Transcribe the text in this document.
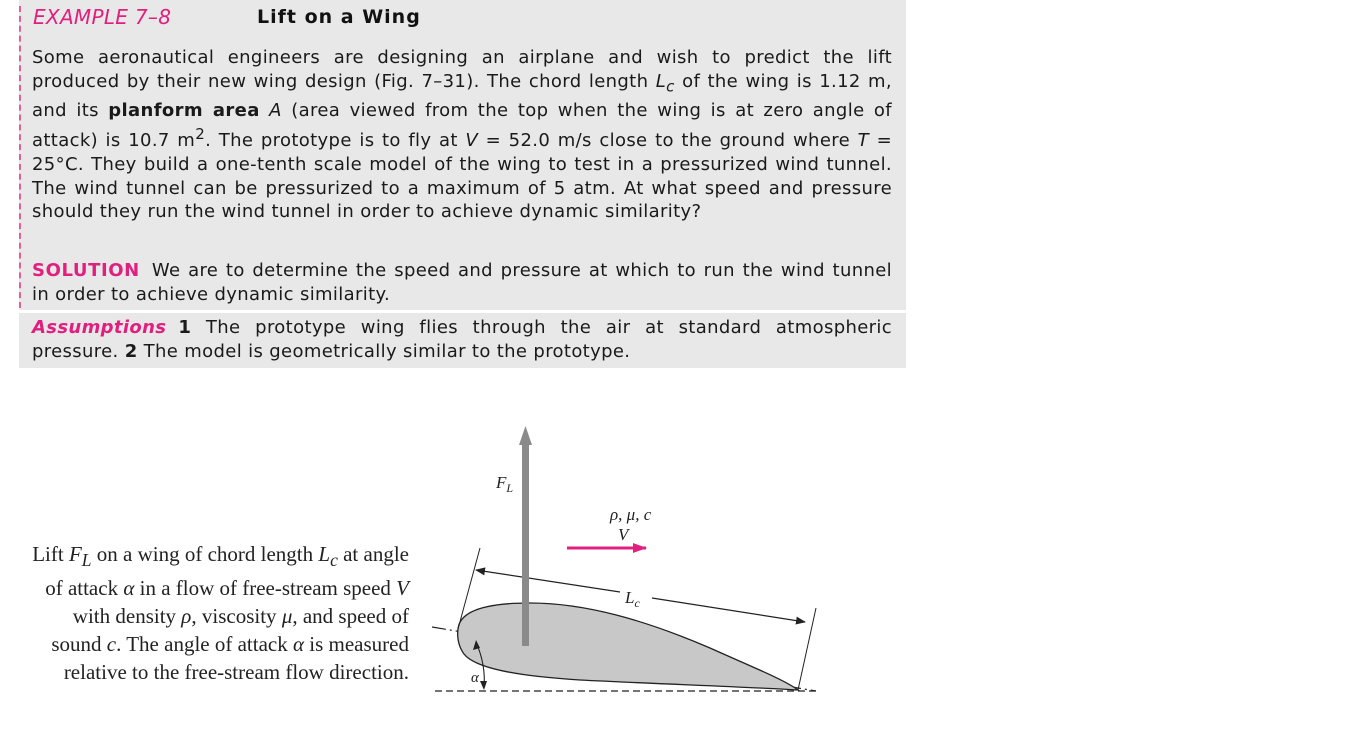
EXAMPLE 7–8	Lift on a Wing
Some aeronautical engineers are designing an airplane and wish to predict the lift produced by their new wing design (Fig. 7–31). The chord length $L_c$ of the wing is 1.12 m, and its planform area A (area viewed from the top when the wing is at zero angle of attack) is 10.7 $m^2$. The prototype is to fly at V = 52.0 m/s close to the ground where T = 25°C. They build a one-tenth scale model of the wing to test in a pressurized wind tunnel. The wind tunnel can be pressurized to a maximum of 5 atm. At what speed and pressure should they run the wind tunnel in order to achieve dynamic similarity?
SOLUTION We are to determine the speed and pressure at which to run the wind tunnel in order to achieve dynamic similarity.
Assumptions 1 The prototype wing flies through the air at standard atmospheric pressure. 2 The model is geometrically similar to the prototype.
Lift $F_L$ on a wing of chord length $L_c$ at angle of attack α in a flow of free-stream speed V with density ρ, viscosity μ, and speed of sound c. The angle of attack α is measured relative to the free-stream flow direction.
$L_c$
$F_L$
ρ, μ, c
V
α
